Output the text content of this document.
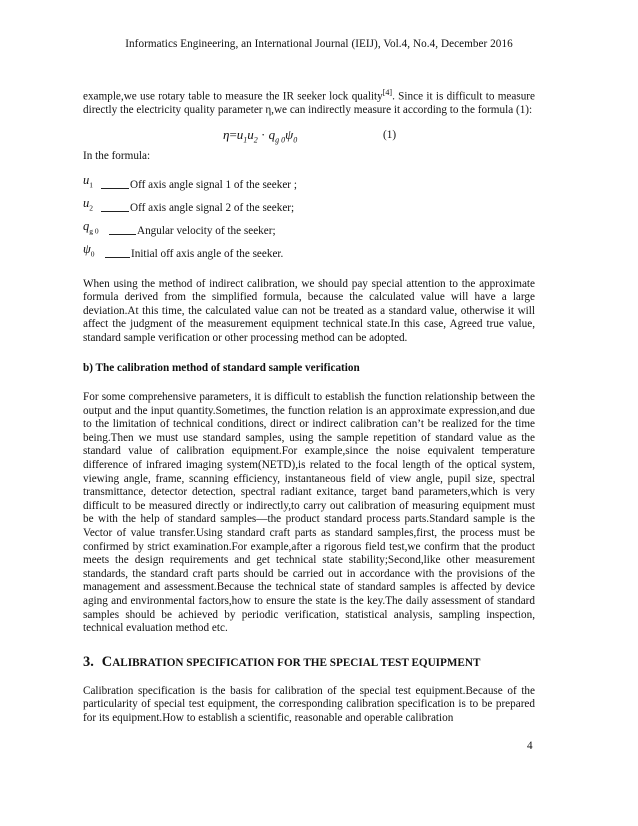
Informatics Engineering, an International Journal (IEIJ), Vol.4, No.4, December 2016

example,we use rotary table to measure the IR seeker lock quality[4]. Since it is difficult to measure directly the electricity quality parameter η,we can indirectly measure it according to the formula (1):

$\eta=u_1u_2 \cdot q_{g 0}\psi_0$	(1)

In the formula:

$u_1$	Off axis angle signal 1 of the seeker ;
$u_2$	Off axis angle signal 2 of the seeker;
$q_{g 0}$	Angular velocity of the seeker;
$\psi_0$	Initial off axis angle of the seeker.

When using the method of indirect calibration, we should pay special attention to the approximate formula derived from the simplified formula, because the calculated value will have a large deviation.At this time, the calculated value can not be treated as a standard value, otherwise it will affect the judgment of the measurement equipment technical state.In this case, Agreed true value, standard sample verification or other processing method can be adopted.

b) The calibration method of standard sample verification

For some comprehensive parameters, it is difficult to establish the function relationship between the output and the input quantity.Sometimes, the function relation is an approximate expression,and due to the limitation of technical conditions, direct or indirect calibration can’t be realized for the time being.Then we must use standard samples, using the sample repetition of standard value as the standard value of calibration equipment.For example,since the noise equivalent temperature difference of infrared imaging system(NETD),is related to the focal length of the optical system, viewing angle, frame, scanning efficiency, instantaneous field of view angle, pupil size, spectral transmittance, detector detection, spectral radiant exitance, target band parameters,which is very difficult to be measured directly or indirectly,to carry out calibration of measuring equipment must be with the help of standard samples—the product standard process parts.Standard sample is the Vector of value transfer.Using standard craft parts as standard samples,first, the process must be confirmed by strict examination.For example,after a rigorous field test,we confirm that the product meets the design requirements and get technical state stability;Second,like other measurement standards, the standard craft parts should be carried out in accordance with the provisions of the management and assessment.Because the technical state of standard samples is affected by device aging and environmental factors,how to ensure the state is the key.The daily assessment of standard samples should be achieved by periodic verification, statistical analysis, sampling inspection, technical evaluation method etc.

3. CALIBRATION SPECIFICATION FOR THE SPECIAL TEST EQUIPMENT

Calibration specification is the basis for calibration of the special test equipment.Because of the particularity of special test equipment, the corresponding calibration specification is to be prepared for its equipment.How to establish a scientific, reasonable and operable calibration

4
